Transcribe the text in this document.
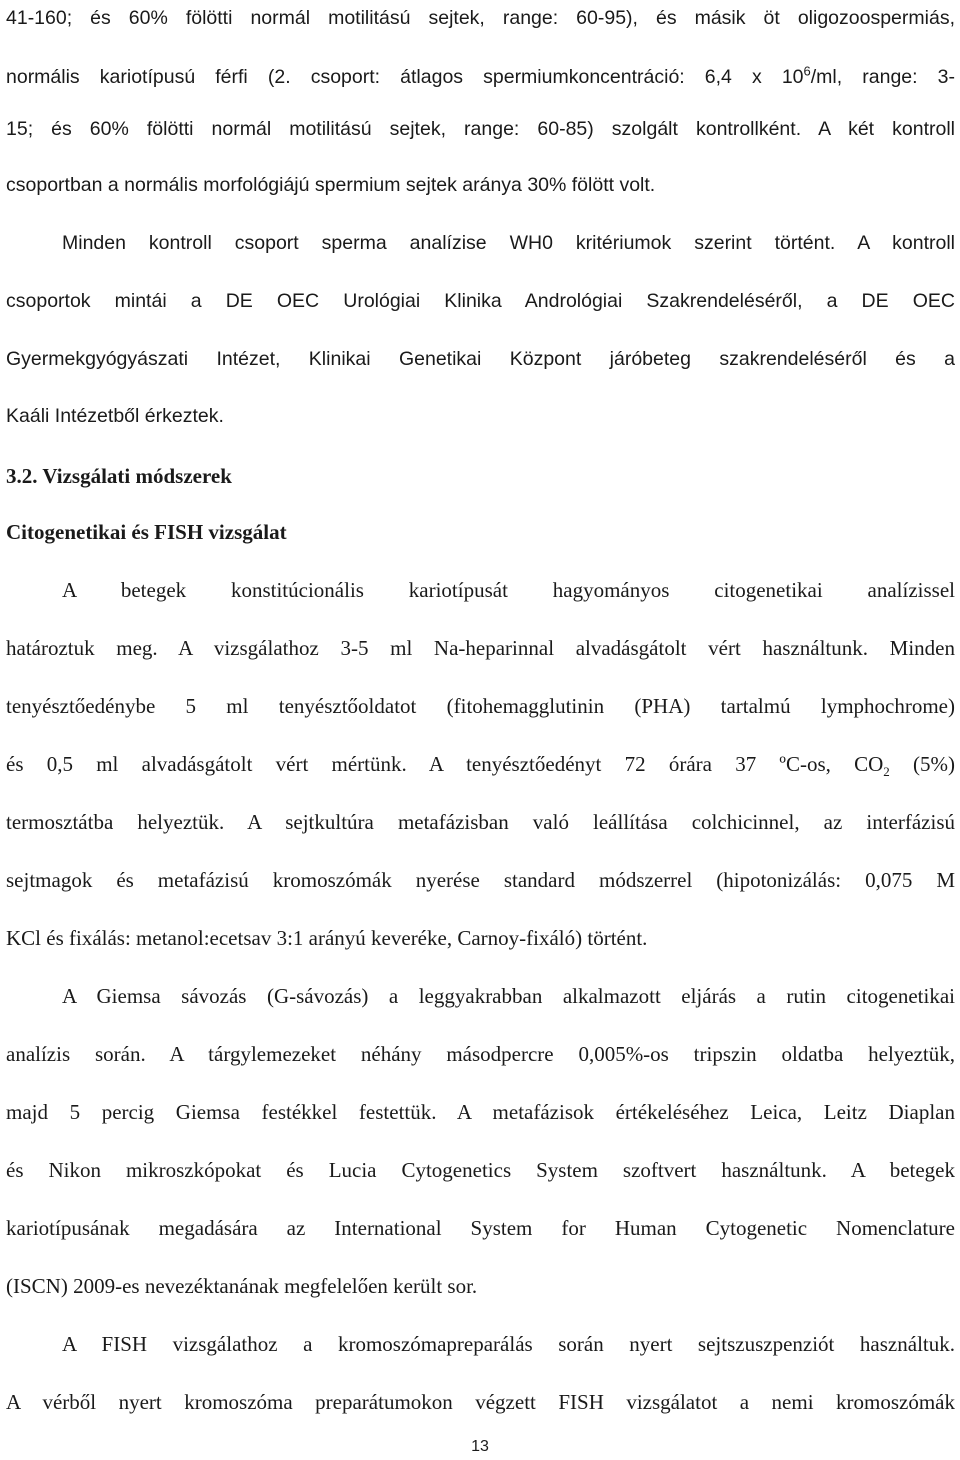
41-160; és 60% fölötti normál motilitású sejtek, range: 60-95), és másik öt oligozoospermiás,
normális kariotípusú férfi (2. csoport: átlagos spermiumkoncentráció: 6,4 x $10^6/ml$, range: 3-
15; és 60% fölötti normál motilitású sejtek, range: 60-85) szolgált kontrollként. A két kontroll
csoportban a normális morfológiájú spermium sejtek aránya 30% fölött volt.
Minden kontroll csoport sperma analízise WH0 kritériumok szerint történt. A kontroll
csoportok mintái a DE OEC Urológiai Klinika Andrológiai Szakrendeléséről, a DE OEC
Gyermekgyógyászati Intézet, Klinikai Genetikai Központ járóbeteg szakrendeléséről és a
Kaáli Intézetből érkeztek.
3.2. Vizsgálati módszerek
Citogenetikai és FISH vizsgálat
A betegek konstitúcionális kariotípusát hagyományos citogenetikai analízissel
határoztuk meg. A vizsgálathoz 3-5 ml Na-heparinnal alvadásgátolt vért használtunk. Minden
tenyésztőedénybe 5 ml tenyésztőoldatot (fitohemagglutinin (PHA) tartalmú lymphochrome)
és 0,5 ml alvadásgátolt vért mértünk. A tenyésztőedényt 72 órára 37 ºC-os, $CO_2$ (5%)
termosztátba helyeztük. A sejtkultúra metafázisban való leállítása colchicinnel, az interfázisú
sejtmagok és metafázisú kromoszómák nyerése standard módszerrel (hipotonizálás: 0,075 M
KCl és fixálás: metanol:ecetsav 3:1 arányú keveréke, Carnoy-fixáló) történt.
A Giemsa sávozás (G-sávozás) a leggyakrabban alkalmazott eljárás a rutin citogenetikai
analízis során. A tárgylemezeket néhány másodpercre 0,005%-os tripszin oldatba helyeztük,
majd 5 percig Giemsa festékkel festettük. A metafázisok értékeléséhez Leica, Leitz Diaplan
és Nikon mikroszkópokat és Lucia Cytogenetics System szoftvert használtunk. A betegek
kariotípusának megadására az International System for Human Cytogenetic Nomenclature
(ISCN) 2009-es nevezéktanának megfelelően került sor.
A FISH vizsgálathoz a kromoszómapreparálás során nyert sejtszuszpenziót használtuk.
A vérből nyert kromoszóma preparátumokon végzett FISH vizsgálatot a nemi kromoszómák
13
